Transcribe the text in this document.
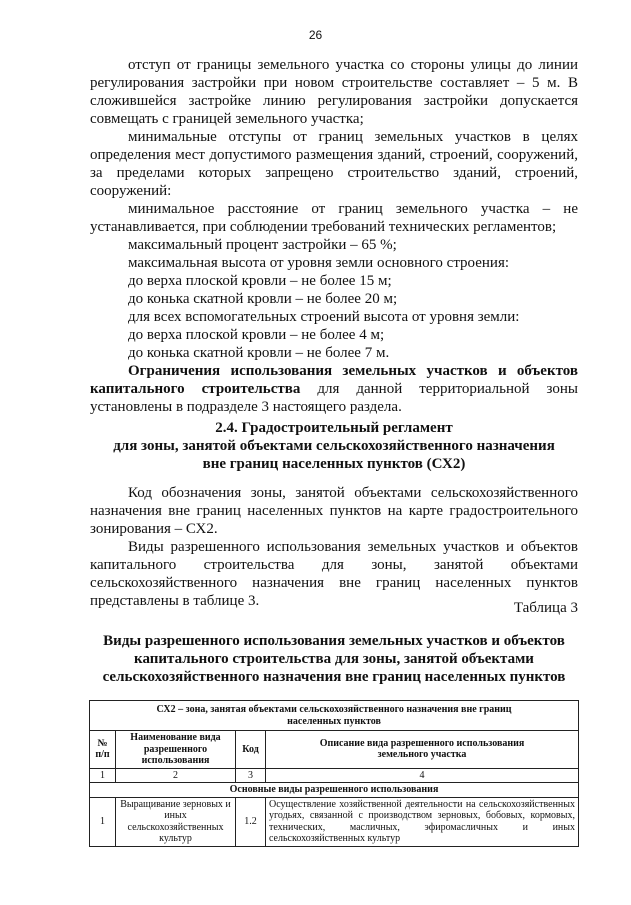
26

отступ от границы земельного участка со стороны улицы до линии регулирования застройки при новом строительстве составляет – 5 м. В сложившейся застройке линию регулирования застройки допускается совмещать с границей земельного участка;

минимальные отступы от границ земельных участков в целях определения мест допустимого размещения зданий, строений, сооружений, за пределами которых запрещено строительство зданий, строений, сооружений:

минимальное расстояние от границ земельного участка – не устанавливается, при соблюдении требований технических регламентов;

максимальный процент застройки – 65 %;

максимальная высота от уровня земли основного строения:

до верха плоской кровли – не более 15 м;

до конька скатной кровли – не более 20 м;

для всех вспомогательных строений высота от уровня земли:

до верха плоской кровли – не более 4 м;

до конька скатной кровли – не более 7 м.

Ограничения использования земельных участков и объектов капитального строительства для данной территориальной зоны установлены в подразделе 3 настоящего раздела.

2.4. Градостроительный регламент
для зоны, занятой объектами сельскохозяйственного назначения
вне границ населенных пунктов (СХ2)

Код обозначения зоны, занятой объектами сельскохозяйственного назначения вне границ населенных пунктов на карте градостроительного зонирования – СХ2.

Виды разрешенного использования земельных участков и объектов капитального строительства для зоны, занятой объектами сельскохозяйственного назначения вне границ населенных пунктов представлены в таблице 3.	Таблица 3
Виды разрешенного использования земельных участков и объектов
капитального строительства для зоны, занятой объектами
сельскохозяйственного назначения вне границ населенных пунктов
СХ2 – зона, занятая объектами сельскохозяйственного назначения вне границ населенных пунктов			
№ п/п	Наименование вида разрешенного использования	Код	Описание вида разрешенного использования земельного участка
1	2	3	4
Основные виды разрешенного использования			
1	Выращивание зерновых и иных сельскохозяйственных культур	1.2	Осуществление хозяйственной деятельности на сельскохозяйственных угодьях, связанной с производством зерновых, бобовых, кормовых, технических, масличных, эфиромасличных и иных сельскохозяйственных культур
